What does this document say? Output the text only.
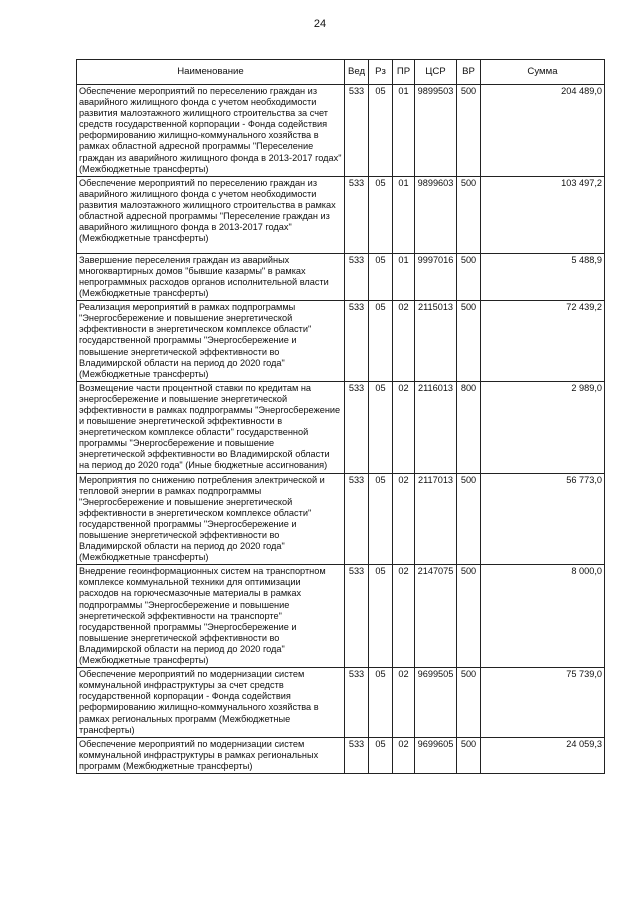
24
Наименование	Вед	Рз	ПР	ЦСР	ВР	Сумма
Обеспечение мероприятий по переселению граждан из аварийного жилищного фонда с учетом необходимости развития малоэтажного жилищного строительства за счет средств государственной корпорации - Фонда содействия реформированию жилищно-коммунального хозяйства в рамках областной адресной программы "Переселение граждан из аварийного жилищного фонда в 2013-2017 годах" (Межбюджетные трансферты)	533	05	01	9899503	500	204 489,0
Обеспечение мероприятий по переселению граждан из аварийного жилищного фонда с учетом необходимости развития малоэтажного жилищного строительства в рамках областной адресной программы "Переселение граждан из аварийного жилищного фонда в 2013-2017 годах" (Межбюджетные трансферты)	533	05	01	9899603	500	103 497,2
Завершение переселения граждан из аварийных многоквартирных домов "бывшие казармы" в рамках непрограммных расходов органов исполнительной власти (Межбюджетные трансферты)	533	05	01	9997016	500	5 488,9
Реализация мероприятий в рамках подпрограммы "Энергосбережение и повышение энергетической эффективности в энергетическом комплексе области" государственной программы "Энергосбережение и повышение энергетической эффективности во Владимирской области на период до 2020 года" (Межбюджетные трансферты)	533	05	02	2115013	500	72 439,2
Возмещение части процентной ставки по кредитам на энергосбережение и повышение энергетической эффективности в рамках подпрограммы "Энергосбережение и повышение энергетической эффективности в энергетическом комплексе области" государственной программы "Энергосбережение и повышение энергетической эффективности во Владимирской области на период до 2020 года" (Иные бюджетные ассигнования)	533	05	02	2116013	800	2 989,0
Мероприятия по снижению потребления электрической и тепловой энергии в рамках подпрограммы "Энергосбережение и повышение энергетической эффективности в энергетическом комплексе области" государственной программы "Энергосбережение и повышение энергетической эффективности во Владимирской области на период до 2020 года" (Межбюджетные трансферты)	533	05	02	2117013	500	56 773,0
Внедрение геоинформационных систем на транспортном комплексе коммунальной техники для оптимизации расходов на горючесмазочные материалы в рамках подпрограммы "Энергосбережение и повышение энергетической эффективности на транспорте" государственной программы "Энергосбережение и повышение энергетической эффективности во Владимирской области на период до 2020 года" (Межбюджетные трансферты)	533	05	02	2147075	500	8 000,0
Обеспечение мероприятий по модернизации систем коммунальной инфраструктуры за счет средств государственной корпорации - Фонда содействия реформированию жилищно-коммунального хозяйства в рамках региональных программ (Межбюджетные трансферты)	533	05	02	9699505	500	75 739,0
Обеспечение мероприятий по модернизации систем коммунальной инфраструктуры в рамках региональных программ (Межбюджетные трансферты)	533	05	02	9699605	500	24 059,3
